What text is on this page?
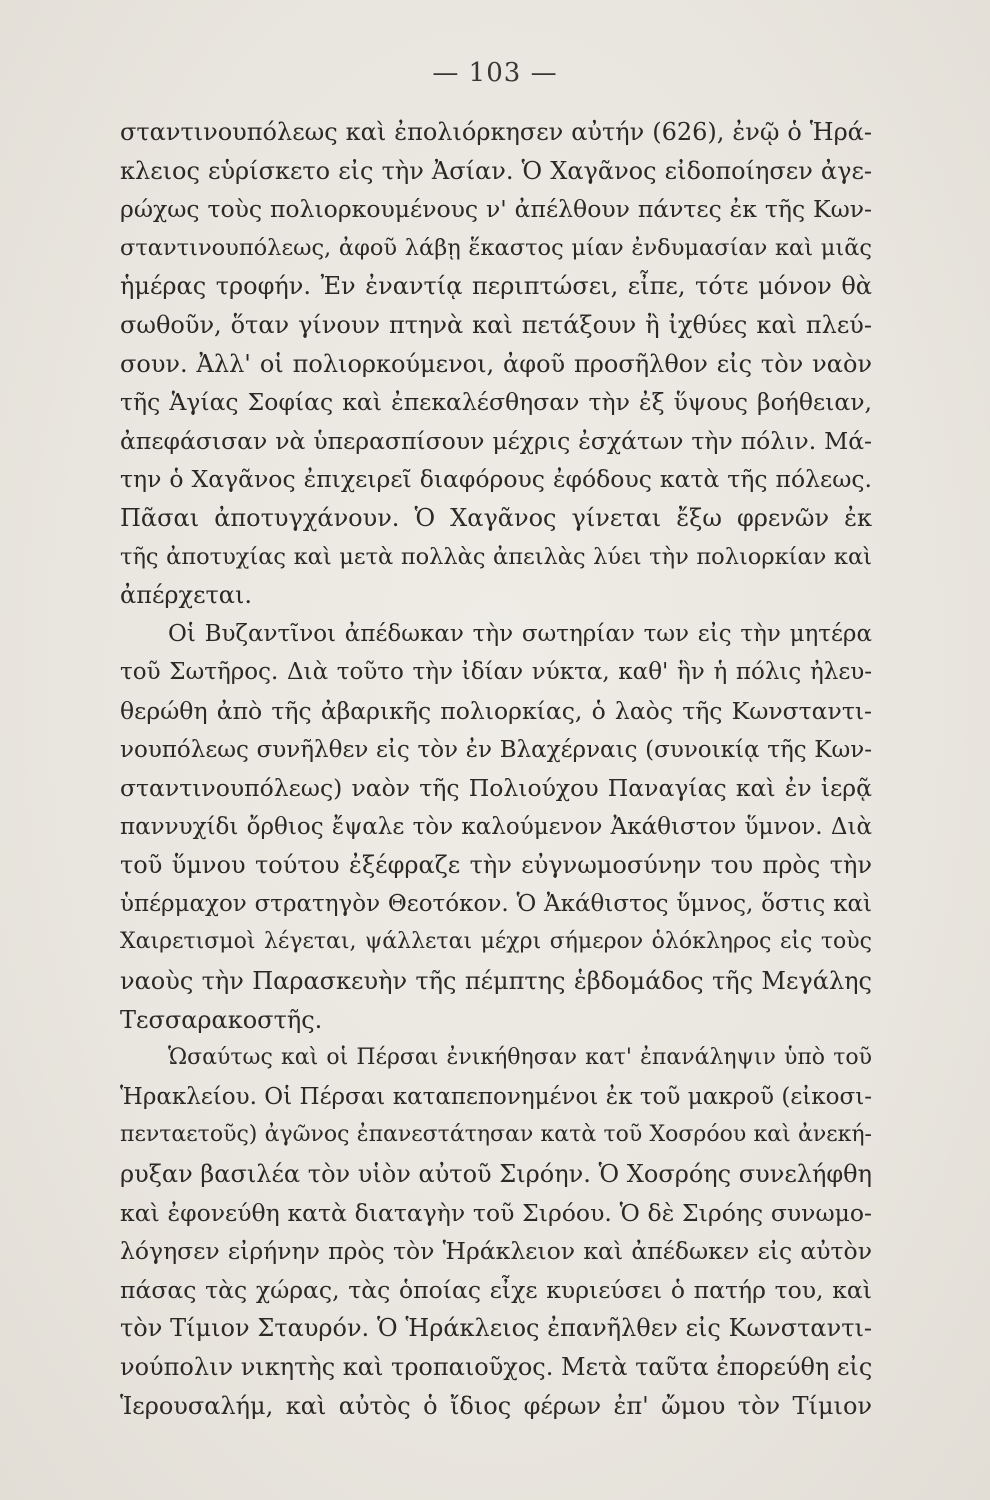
— 103 —
σταντινουπόλεως καὶ ἐπολιόρκησεν αὐτήν (626), ἐνῷ ὁ Ἡρά-
κλειος εὑρίσκετο εἰς τὴν Ἀσίαν. Ὁ Χαγᾶνος εἰδοποίησεν ἀγε-
ρώχως τοὺς πολιορκουμένους ν' ἀπέλθουν πάντες ἐκ τῆς Κων-
σταντινουπόλεως, ἀφοῦ λάβῃ ἕκαστος μίαν ἐνδυμασίαν καὶ μιᾶς
ἡμέρας τροφήν. Ἐν ἐναντίᾳ περιπτώσει, εἶπε, τότε μόνον θὰ
σωθοῦν, ὅταν γίνουν πτηνὰ καὶ πετάξουν ἢ ἰχθύες καὶ πλεύ-
σουν. Ἀλλ' οἱ πολιορκούμενοι, ἀφοῦ προσῆλθον εἰς τὸν ναὸν
τῆς Ἁγίας Σοφίας καὶ ἐπεκαλέσθησαν τὴν ἐξ ὕψους βοήθειαν,
ἀπεφάσισαν νὰ ὑπερασπίσουν μέχρις ἐσχάτων τὴν πόλιν. Μά-
την ὁ Χαγᾶνος ἐπιχειρεῖ διαφόρους ἐφόδους κατὰ τῆς πόλεως.
Πᾶσαι ἀποτυγχάνουν. Ὁ Χαγᾶνος γίνεται ἔξω φρενῶν ἐκ
τῆς ἀποτυχίας καὶ μετὰ πολλὰς ἀπειλὰς λύει τὴν πολιορκίαν καὶ
ἀπέρχεται.
Οἱ Βυζαντῖνοι ἀπέδωκαν τὴν σωτηρίαν των εἰς τὴν μητέρα
τοῦ Σωτῆρος. Διὰ τοῦτο τὴν ἰδίαν νύκτα, καθ' ἣν ἡ πόλις ἠλευ-
θερώθη ἀπὸ τῆς ἀβαρικῆς πολιορκίας, ὁ λαὸς τῆς Κωνσταντι-
νουπόλεως συνῆλθεν εἰς τὸν ἐν Βλαχέρναις (συνοικίᾳ τῆς Κων-
σταντινουπόλεως) ναὸν τῆς Πολιούχου Παναγίας καὶ ἐν ἱερᾷ
παννυχίδι ὄρθιος ἔψαλε τὸν καλούμενον Ἀκάθιστον ὕμνον. Διὰ
τοῦ ὕμνου τούτου ἐξέφραζε τὴν εὐγνωμοσύνην του πρὸς τὴν
ὑπέρμαχον στρατηγὸν Θεοτόκον. Ὁ Ἀκάθιστος ὕμνος, ὅστις καὶ
Χαιρετισμοὶ λέγεται, ψάλλεται μέχρι σήμερον ὁλόκληρος εἰς τοὺς
ναοὺς τὴν Παρασκευὴν τῆς πέμπτης ἑβδομάδος τῆς Μεγάλης
Τεσσαρακοστῆς.
Ὡσαύτως καὶ οἱ Πέρσαι ἐνικήθησαν κατ' ἐπανάληψιν ὑπὸ τοῦ
Ἡρακλείου. Οἱ Πέρσαι καταπεπονημένοι ἐκ τοῦ μακροῦ (εἰκοσι-
πενταετοῦς) ἀγῶνος ἐπανεστάτησαν κατὰ τοῦ Χοσρόου καὶ ἀνεκή-
ρυξαν βασιλέα τὸν υἱὸν αὐτοῦ Σιρόην. Ὁ Χοσρόης συνελήφθη
καὶ ἐφονεύθη κατὰ διαταγὴν τοῦ Σιρόου. Ὁ δὲ Σιρόης συνωμο-
λόγησεν εἰρήνην πρὸς τὸν Ἡράκλειον καὶ ἀπέδωκεν εἰς αὐτὸν
πάσας τὰς χώρας, τὰς ὁποίας εἶχε κυριεύσει ὁ πατήρ του, καὶ
τὸν Τίμιον Σταυρόν. Ὁ Ἡράκλειος ἐπανῆλθεν εἰς Κωνσταντι-
νούπολιν νικητὴς καὶ τροπαιοῦχος. Μετὰ ταῦτα ἐπορεύθη εἰς
Ἱερουσαλήμ, καὶ αὐτὸς ὁ ἴδιος φέρων ἐπ' ὤμου τὸν Τίμιον
